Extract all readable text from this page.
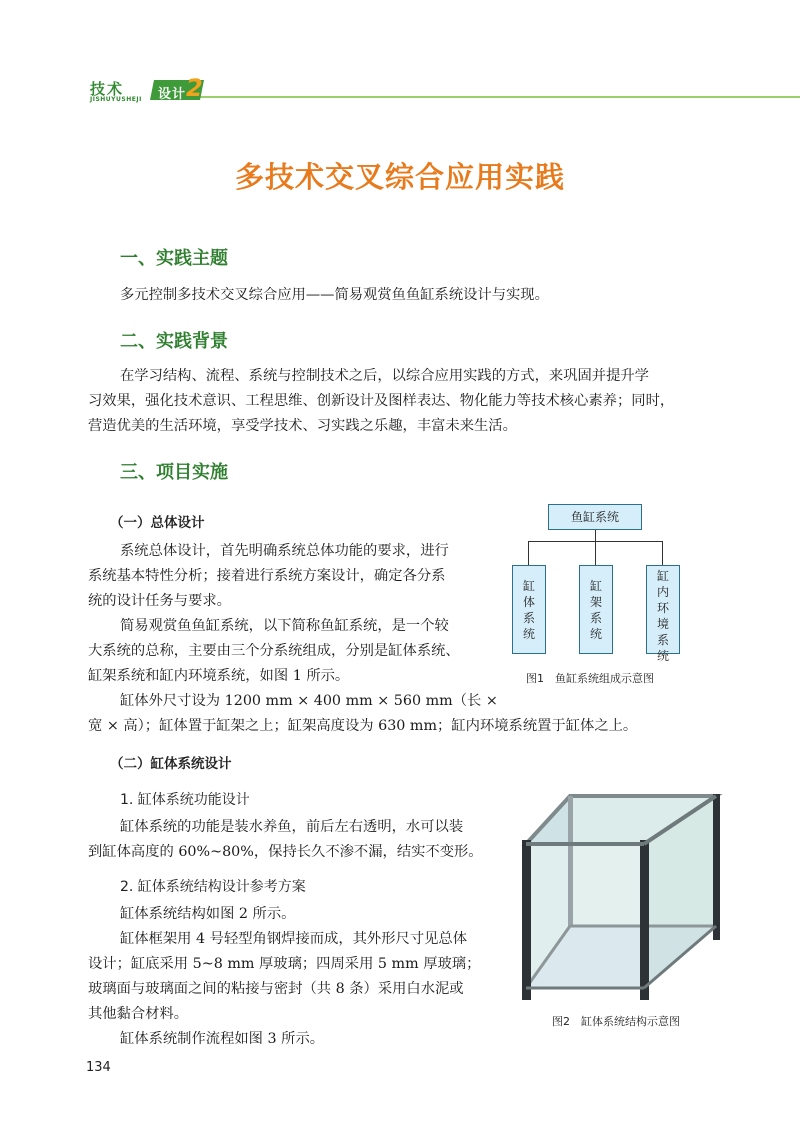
技术
JISHUYUSHEJI 设计 2
多技术交叉综合应用实践
一、实践主题
多元控制多技术交叉综合应用——简易观赏鱼鱼缸系统设计与实现。
二、实践背景
在学习结构、流程、系统与控制技术之后，以综合应用实践的方式，来巩固并提升学
习效果，强化技术意识、工程思维、创新设计及图样表达、物化能力等技术核心素养；同时，
营造优美的生活环境，享受学技术、习实践之乐趣，丰富未来生活。
三、项目实施
（一）总体设计
系统总体设计，首先明确系统总体功能的要求，进行
系统基本特性分析；接着进行系统方案设计，确定各分系
统的设计任务与要求。
简易观赏鱼鱼缸系统，以下简称鱼缸系统，是一个较
大系统的总称，主要由三个分系统组成，分别是缸体系统、
缸架系统和缸内环境系统，如图 1 所示。
缸体外尺寸设为 1200 mm × 400 mm × 560 mm（长 ×
宽 × 高）；缸体置于缸架之上；缸架高度设为 630 mm；缸内环境系统置于缸体之上。
鱼缸系统
缸体系统
缸架系统
缸内环境系统
图1　鱼缸系统组成示意图
（二）缸体系统设计
1. 缸体系统功能设计
缸体系统的功能是装水养鱼，前后左右透明，水可以装
到缸体高度的 60%~80%，保持长久不渗不漏，结实不变形。
2. 缸体系统结构设计参考方案
缸体系统结构如图 2 所示。
缸体框架用 4 号轻型角钢焊接而成，其外形尺寸见总体
设计；缸底采用 5~8 mm 厚玻璃；四周采用 5 mm 厚玻璃；
玻璃面与玻璃面之间的粘接与密封（共 8 条）采用白水泥或
其他黏合材料。
缸体系统制作流程如图 3 所示。
图2　缸体系统结构示意图
134
